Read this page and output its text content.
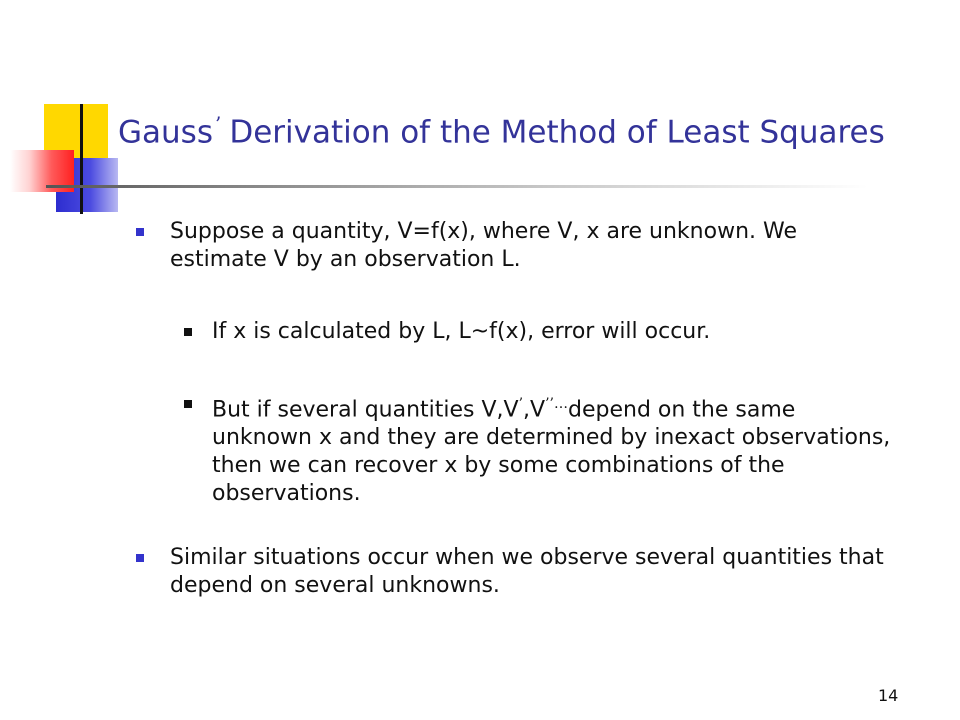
Gauss ’ Derivation of the Method of Least Squares
Suppose a quantity, V=f(x), where V, x are unknown. We estimate V by an observation L.
If x is calculated by L, L~f(x), error will occur.
But if several quantities V,V’,V’’…depend on the same unknown x and they are determined by inexact observations, then we can recover x by some combinations of the observations.
Similar situations occur when we observe several quantities that depend on several unknowns.
14
